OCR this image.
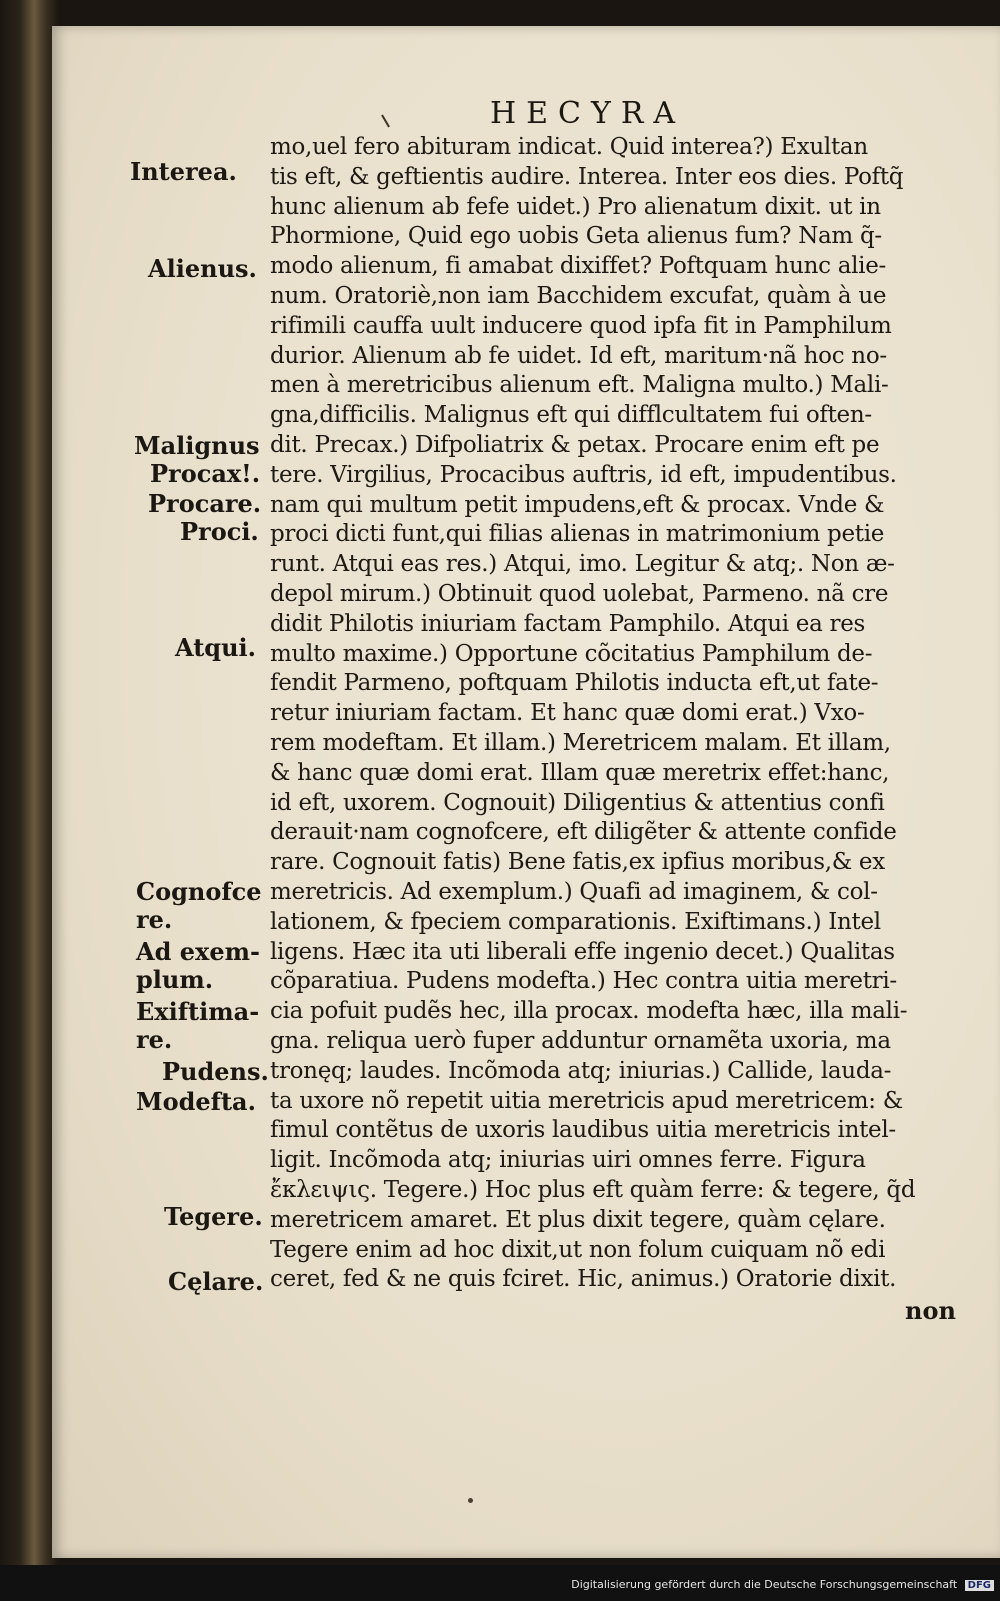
HECYRA
Interea.
Alienus.
Malignus
Procax!.
Procare.
Proci.
Atqui.
Cognofce
re.
Ad exem-
plum.
Exiftima-
re.
Pudens.
Modefta.
Tegere.
Cęlare.
mo,uel fero abituram indicat. Quid interea?) Exultan
tis eft, & geftientis audire. Interea. Inter eos dies. Poftq̃
hunc alienum ab fefe uidet.) Pro alienatum dixit. ut in
Phormione, Quid ego uobis Geta alienus fum? Nam q̃-
modo alienum, fi amabat dixiffet? Poftquam hunc alie-
num. Oratoriè,non iam Bacchidem excufat, quàm à ue
rifimili cauffa uult inducere quod ipfa fit in Pamphilum
durior. Alienum ab fe uidet. Id eft, maritum·nã hoc no-
men à meretricibus alienum eft. Maligna multo.) Mali-
gna,difficilis. Malignus eft qui difflcultatem fui often-
dit. Precax.) Difpoliatrix & petax. Procare enim eft pe
tere. Virgilius, Procacibus auftris, id eft, impudentibus.
nam qui multum petit impudens,eft & procax. Vnde &
proci dicti funt,qui filias alienas in matrimonium petie
runt. Atqui eas res.) Atqui, imo. Legitur & atq;. Non æ-
depol mirum.) Obtinuit quod uolebat, Parmeno. nã cre
didit Philotis iniuriam factam Pamphilo. Atqui ea res
multo maxime.) Opportune cõcitatius Pamphilum de-
fendit Parmeno, poftquam Philotis inducta eft,ut fate-
retur iniuriam factam. Et hanc quæ domi erat.) Vxo-
rem modeftam. Et illam.) Meretricem malam. Et illam,
& hanc quæ domi erat. Illam quæ meretrix effet:hanc,
id eft, uxorem. Cognouit) Diligentius & attentius confi
derauit·nam cognofcere, eft diligẽter & attente confide
rare. Cognouit fatis) Bene fatis,ex ipfius moribus,& ex
meretricis. Ad exemplum.) Quafi ad imaginem, & col-
lationem, & fpeciem comparationis. Exiftimans.) Intel
ligens. Hæc ita uti liberali effe ingenio decet.) Qualitas
cõparatiua. Pudens modefta.) Hec contra uitia meretri-
cia pofuit pudẽs hec, illa procax. modefta hæc, illa mali-
gna. reliqua uerò fuper adduntur ornamẽta uxoria, ma
tronęq; laudes. Incõmoda atq; iniurias.) Callide, lauda-
ta uxore nõ repetit uitia meretricis apud meretricem: &
fimul contẽtus de uxoris laudibus uitia meretricis intel-
ligit. Incõmoda atq; iniurias uiri omnes ferre. Figura
ἔκλειψις. Tegere.) Hoc plus eft quàm ferre: & tegere, q̃d
meretricem amaret. Et plus dixit tegere, quàm cęlare.
Tegere enim ad hoc dixit,ut non folum cuiquam nõ edi
ceret, fed & ne quis fciret. Hic, animus.) Oratorie dixit.
non
Digitalisierung gefördert durch die Deutsche Forschungsgemeinschaft DFG
